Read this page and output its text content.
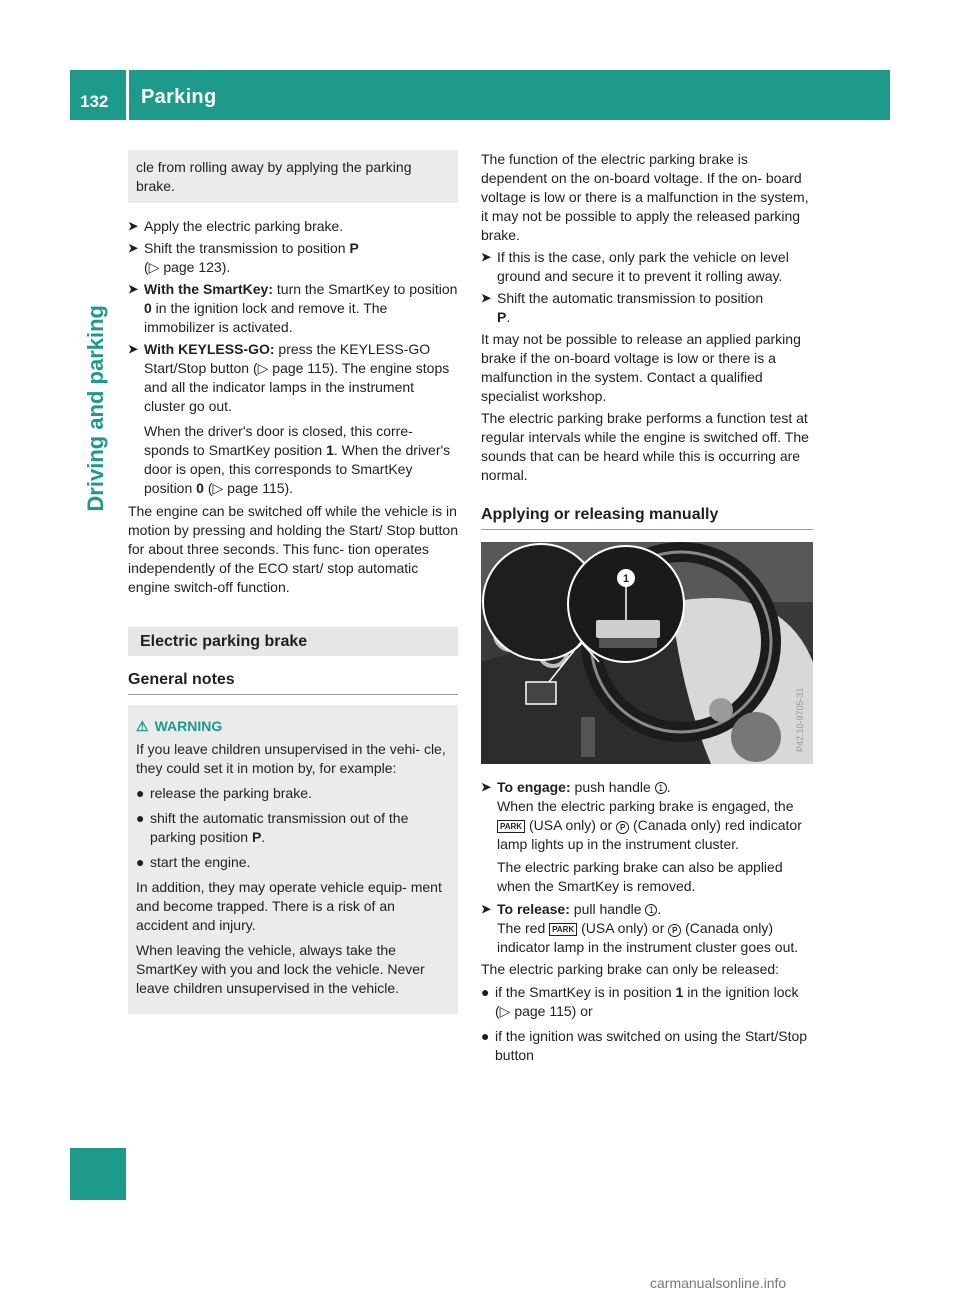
132	Parking
Driving and parking
cle from rolling away by applying the parking brake.
➤ Apply the electric parking brake.
➤ Shift the transmission to position P
(▷ page 123).
➤ With the SmartKey: turn the SmartKey to position 0 in the ignition lock and remove it. The immobilizer is activated.
➤ With KEYLESS-GO: press the KEYLESS-GO Start/Stop button (▷ page 115). The engine stops and all the indicator lamps in the instrument cluster go out.
When the driver's door is closed, this corre- sponds to SmartKey position 1. When the driver's door is open, this corresponds to SmartKey position 0 (▷ page 115).
The engine can be switched off while the vehicle is in motion by pressing and holding the Start/ Stop button for about three seconds. This func- tion operates independently of the ECO start/ stop automatic engine switch-off function.
Electric parking brake
General notes
⚠ WARNING
If you leave children unsupervised in the vehi- cle, they could set it in motion by, for example:
● release the parking brake.
● shift the automatic transmission out of the parking position P.
● start the engine.
In addition, they may operate vehicle equip- ment and become trapped. There is a risk of an accident and injury.
When leaving the vehicle, always take the SmartKey with you and lock the vehicle. Never leave children unsupervised in the vehicle.
The function of the electric parking brake is dependent on the on-board voltage. If the on- board voltage is low or there is a malfunction in the system, it may not be possible to apply the released parking brake.
➤ If this is the case, only park the vehicle on level ground and secure it to prevent it rolling away.
➤ Shift the automatic transmission to position
P.
It may not be possible to release an applied parking brake if the on-board voltage is low or there is a malfunction in the system. Contact a qualified specialist workshop.
The electric parking brake performs a function test at regular intervals while the engine is switched off. The sounds that can be heard while this is occurring are normal.
Applying or releasing manually
1
P42.10-9705-31
➤ To engage: push handle 1 .
When the electric parking brake is engaged, the PARK (USA only) or P (Canada only) red indicator lamp lights up in the instrument cluster.
The electric parking brake can also be applied when the SmartKey is removed.
➤ To release: pull handle 1 .
The red PARK (USA only) or P (Canada only) indicator lamp in the instrument cluster goes out.
The electric parking brake can only be released:
● if the SmartKey is in position 1 in the ignition lock (▷ page 115) or
● if the ignition was switched on using the Start/Stop button
carmanualsonline.info
